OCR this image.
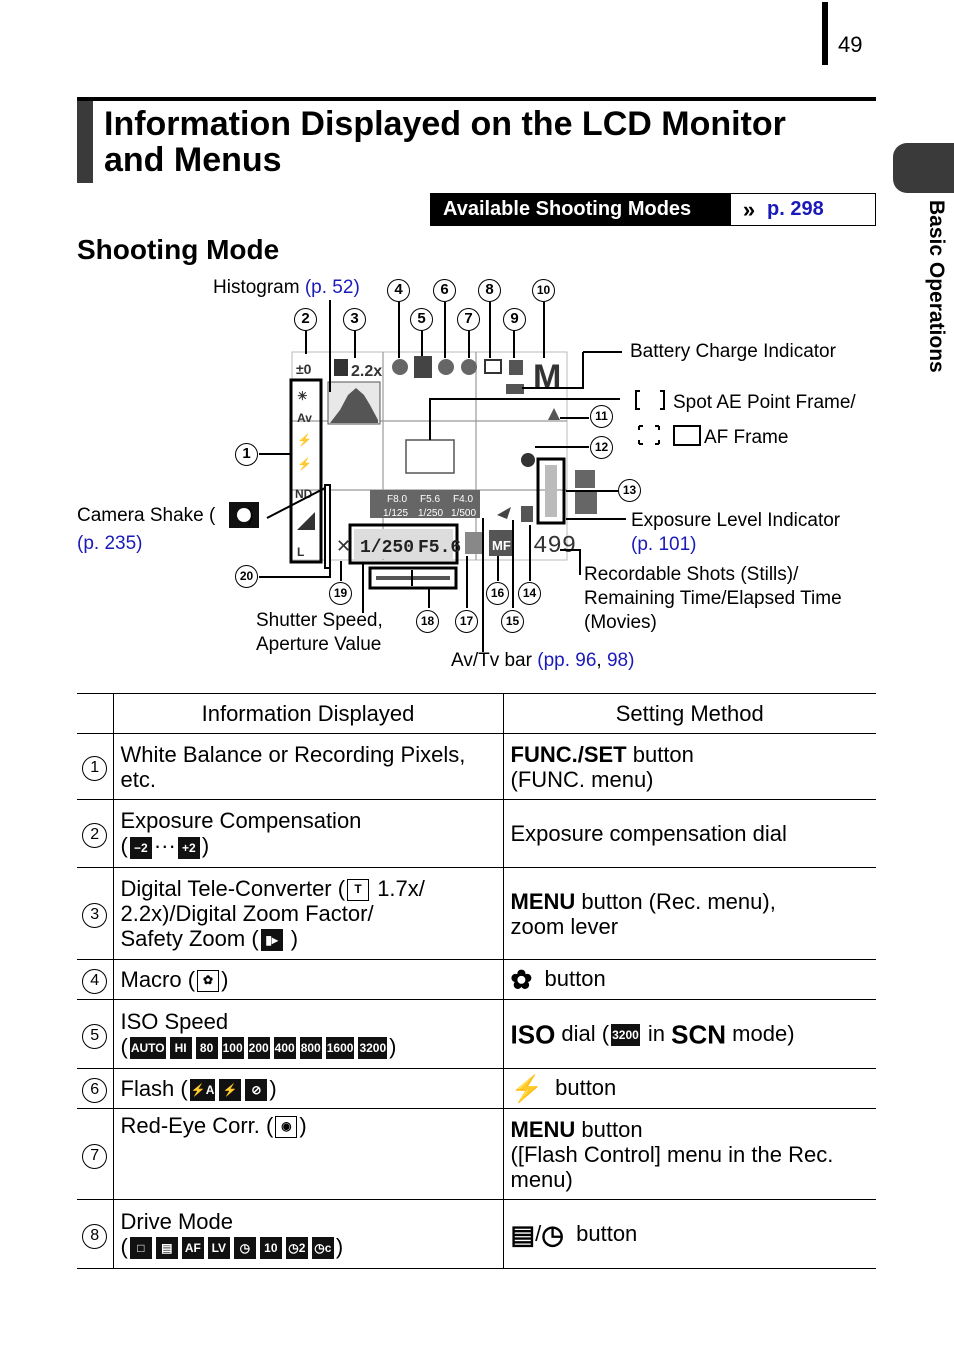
49
Basic Operations
Information Displayed on the LCD Monitor and Menus
Available Shooting Modes	» p. 298
Shooting Mode
☀
Av
⚡
⚡
ND
L
±0 2.2x	M
F8.0 F5.6 F4.0
1/125 1/250 1/500
1/250 F5.6
✕	MF 499
Histogram (p. 52)
Battery Charge Indicator
Spot AE Point Frame/
AF Frame
Camera Shake ( )
(p. 235)
Exposure Level Indicator
(p. 101)
Recordable Shots (Stills)/
Remaining Time/Elapsed Time
(Movies)
Shutter Speed,
Aperture Value
Av/Tv bar (pp. 96, 98)
1
2	3
4
5
6
7
8
9
10
11
12
13
14
15
16
17
18
19
20
	Information Displayed	Setting Method
1	White Balance or Recording Pixels, etc.	FUNC./SET button
(FUNC. menu)
2	Exposure Compensation
( −2 ··· +2 )	Exposure compensation dial
3	Digital Tele-Converter ( T 1.7x/
2.2x)/Digital Zoom Factor/
Safety Zoom ( ▮▸ )	MENU button (Rec. menu),
zoom lever
4	Macro ( ✿ )	✿ button
5	ISO Speed
( AUTO HI 80 100 200 400 800 1600 3200 )	ISO dial ( 3200 in SCN mode)
6	Flash ( ⚡A ⚡ ⊘ )	⚡ button
7	Red-Eye Corr. ( ◉ )	MENU button
([Flash Control] menu in the Rec.
menu)
8	Drive Mode
( □ ▤ AF LV ◷ 10 ◷2 ◷c )	▤/◷ button
